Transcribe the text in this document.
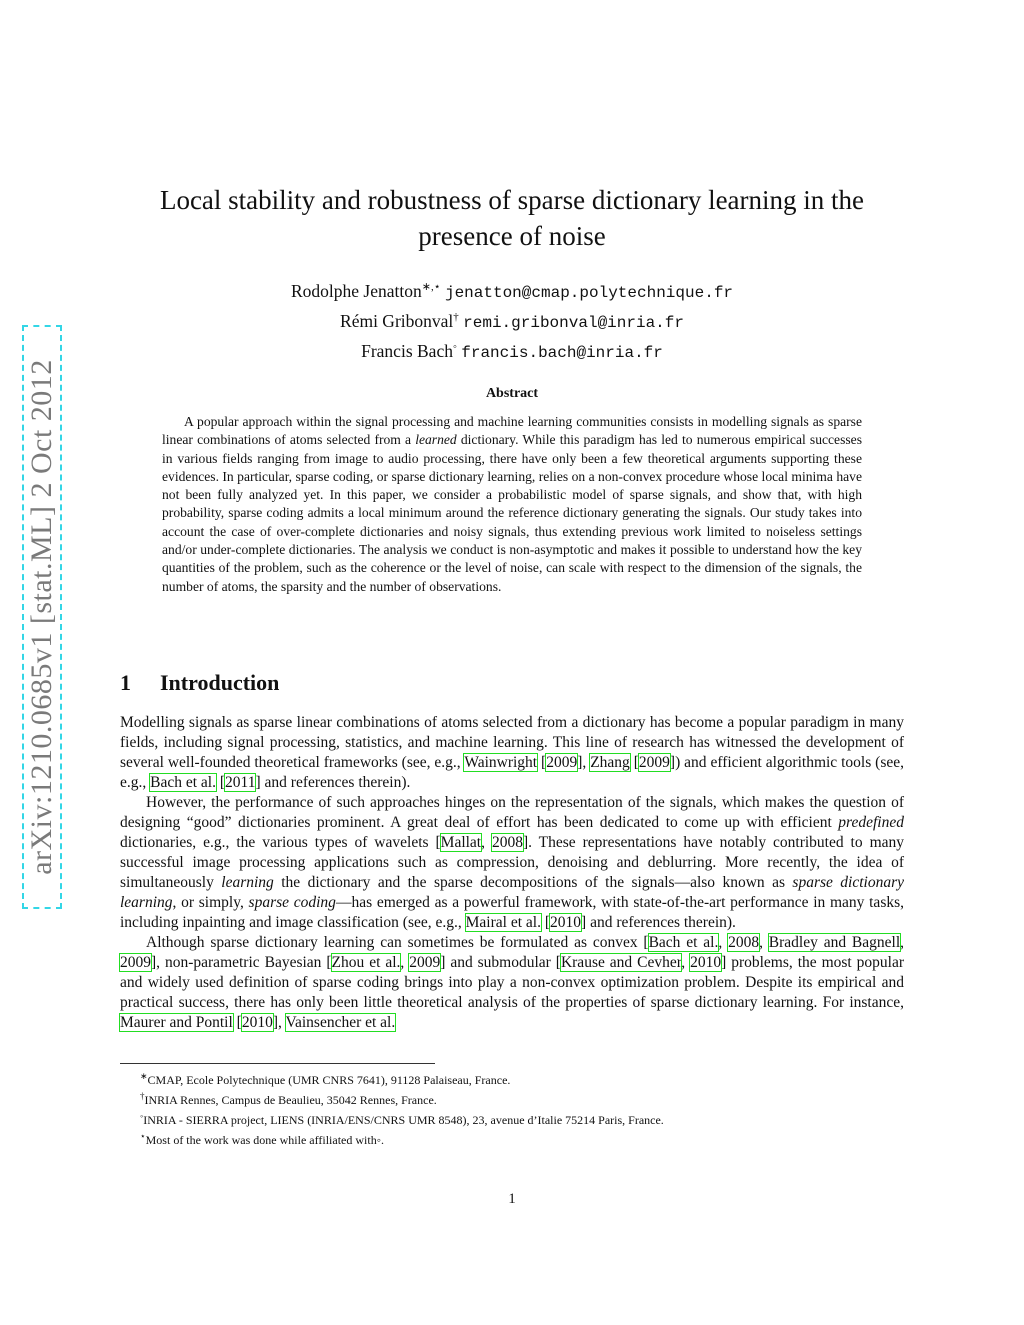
arXiv:1210.0685v1 [stat.ML] 2 Oct 2012
Local stability and robustness of sparse dictionary learning in the
presence of noise
Rodolphe Jenatton∗,⋆ jenatton@cmap.polytechnique.fr
Rémi Gribonval† remi.gribonval@inria.fr
Francis Bach◦ francis.bach@inria.fr
Abstract
A popular approach within the signal processing and machine learning communities consists in modelling signals as sparse linear combinations of atoms selected from a learned dictionary. While this paradigm has led to numerous empirical successes in various fields ranging from image to audio processing, there have only been a few theoretical arguments supporting these evidences. In particular, sparse coding, or sparse dictionary learning, relies on a non-convex procedure whose local minima have not been fully analyzed yet. In this paper, we consider a probabilistic model of sparse signals, and show that, with high probability, sparse coding admits a local minimum around the reference dictionary generating the signals. Our study takes into account the case of over-complete dictionaries and noisy signals, thus extending previous work limited to noiseless settings and/or under-complete dictionaries. The analysis we conduct is non-asymptotic and makes it possible to understand how the key quantities of the problem, such as the coherence or the level of noise, can scale with respect to the dimension of the signals, the number of atoms, the sparsity and the number of observations.
1 Introduction

Modelling signals as sparse linear combinations of atoms selected from a dictionary has become a popular paradigm in many fields, including signal processing, statistics, and machine learning. This line of research has witnessed the development of several well-founded theoretical frameworks (see, e.g., Wainwright [2009], Zhang [2009]) and efficient algorithmic tools (see, e.g., Bach et al. [2011] and references therein).

However, the performance of such approaches hinges on the representation of the signals, which makes the question of designing “good” dictionaries prominent. A great deal of effort has been dedicated to come up with efficient predefined dictionaries, e.g., the various types of wavelets [Mallat, 2008]. These representations have notably contributed to many successful image processing applications such as compression, denoising and deblurring. More recently, the idea of simultaneously learning the dictionary and the sparse decompositions of the signals—also known as sparse dictionary learning, or simply, sparse coding—has emerged as a powerful framework, with state-of-the-art performance in many tasks, including inpainting and image classification (see, e.g., Mairal et al. [2010] and references therein).

Although sparse dictionary learning can sometimes be formulated as convex [Bach et al., 2008, Bradley and Bagnell, 2009], non-parametric Bayesian [Zhou et al., 2009] and submodular [Krause and Cevher, 2010] problems, the most popular and widely used definition of sparse coding brings into play a non-convex optimization problem. Despite its empirical and practical success, there has only been little theoretical analysis of the properties of sparse dictionary learning. For instance, Maurer and Pontil [2010], Vainsencher et al.

∗CMAP, Ecole Polytechnique (UMR CNRS 7641), 91128 Palaiseau, France.
†INRIA Rennes, Campus de Beaulieu, 35042 Rennes, France.
◦INRIA - SIERRA project, LIENS (INRIA/ENS/CNRS UMR 8548), 23, avenue d’Italie 75214 Paris, France.
⋆Most of the work was done while affiliated with◦.
1
